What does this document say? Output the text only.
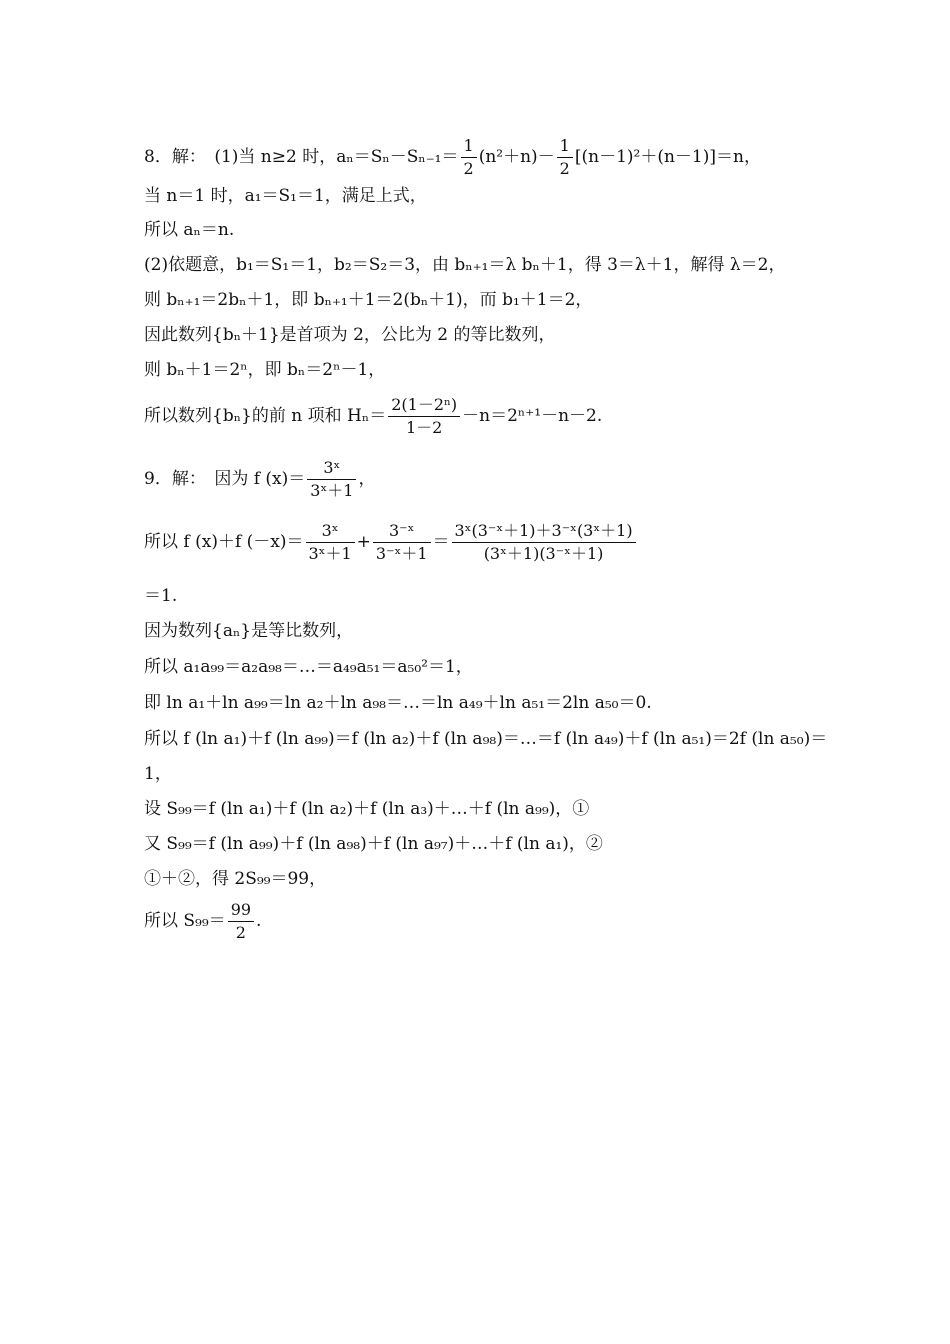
8．解：　(1)当 n≥2 时，$a_n=S_n-S_{n-1}= \frac{1}{2} (n^2+n)- \frac{1}{2} [(n-1)^2+(n-1)]=n$，
当 n＝1 时，a₁＝S₁＝1，满足上式，
所以 aₙ＝n.
(2)依题意，b₁＝S₁＝1，b₂＝S₂＝3，由 bₙ₊₁＝λ bₙ＋1，得 3＝λ＋1，解得 λ＝2，
则 bₙ₊₁＝2bₙ＋1，即 bₙ₊₁＋1＝2(bₙ＋1)，而 b₁＋1＝2，
因此数列{bₙ＋1}是首项为 2，公比为 2 的等比数列，
则 bₙ＋1＝2ⁿ，即 bₙ＝2ⁿ－1，
所以数列{bₙ}的前 n 项和 $H_n= \frac{\text{2(1－2ⁿ)}}{1-2} -n=2^{n+1}-n-2$.
9．解：　因为 f $(x)= \frac{\text{3ˣ}}{\text{3ˣ＋1}}$ ，
所以 f (x)＋f $(-x)= \frac{\text{3ˣ}}{\text{3ˣ＋1}} + \frac{\text{3⁻ˣ}}{\text{3⁻ˣ＋1}} = \frac{\text{3ˣ(3⁻ˣ＋1)＋3⁻ˣ(3ˣ＋1)}}{\text{(3ˣ＋1)(3⁻ˣ＋1)}}$
＝1.
因为数列{aₙ}是等比数列，
所以 a₁a₉₉＝a₂a₉₈＝…＝a₄₉a₅₁＝a₅₀²＝1，
即 ln a₁＋ln a₉₉＝ln a₂＋ln a₉₈＝…＝ln a₄₉＋ln a₅₁＝2ln a₅₀＝0.
所以 f (ln a₁)＋f (ln a₉₉)＝f (ln a₂)＋f (ln a₉₈)＝…＝f (ln a₄₉)＋f (ln a₅₁)＝2f (ln a₅₀)＝
1，
设 S₉₉＝f (ln a₁)＋f (ln a₂)＋f (ln a₃)＋…＋f (ln a₉₉)，①
又 S₉₉＝f (ln a₉₉)＋f (ln a₉₈)＋f (ln a₉₇)＋…＋f (ln a₁)，②
①＋②，得 2S₉₉＝99，
所以 $S_{99}= \frac{99}{2}$ .
